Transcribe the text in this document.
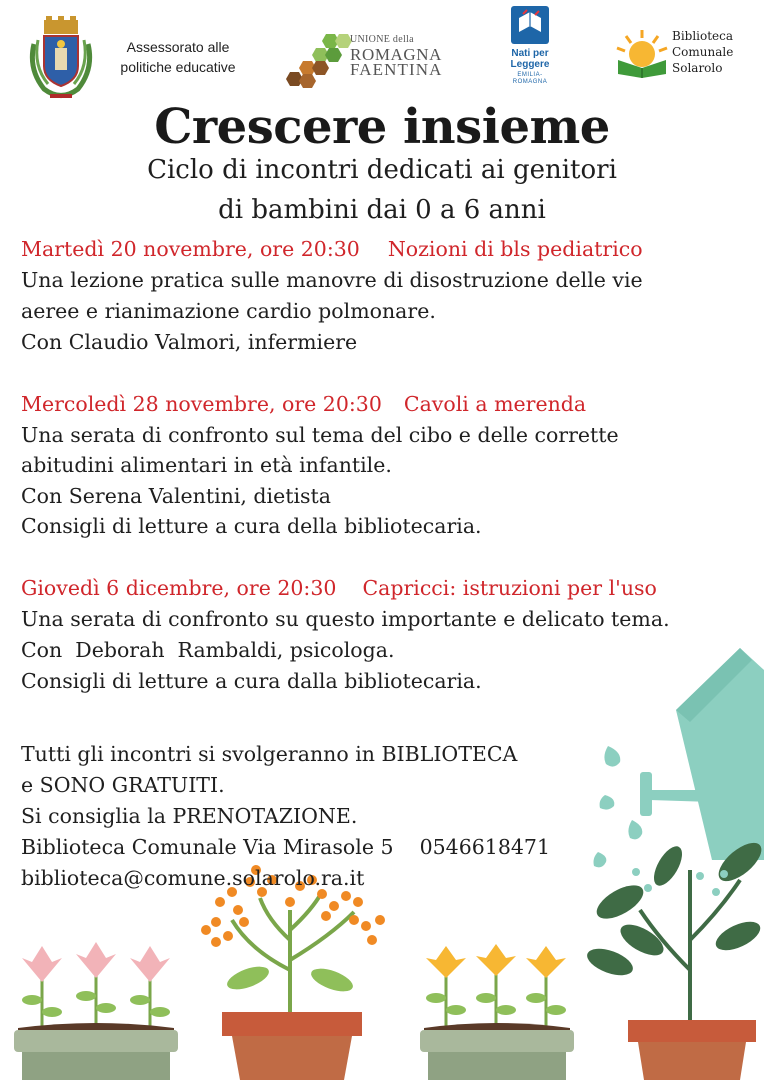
Assessorato alle
politiche educative
UNIONE della
ROMAGNA
FAENTINA
Nati per
Leggere
EMILIA-
ROMAGNA
Biblioteca
Comunale
Solarolo
Crescere insieme
Ciclo di incontri dedicati ai genitori
di bambini dai 0 a 6 anni
Martedì 20 novembre, ore 20:30 Nozioni di bls pediatrico
Una lezione pratica sulle manovre di disostruzione delle vie
aeree e rianimazione cardio polmonare.
Con Claudio Valmori, infermiere
Mercoledì 28 novembre, ore 20:30 Cavoli a merenda
Una serata di confronto sul tema del cibo e delle corrette
abitudini alimentari in età infantile.
Con Serena Valentini, dietista
Consigli di letture a cura della bibliotecaria.
Giovedì 6 dicembre, ore 20:30 Capricci: istruzioni per l'uso
Una serata di confronto su questo importante e delicato tema.
Con  Deborah  Rambaldi, psicologa.
Consigli di letture a cura dalla bibliotecaria.
Tutti gli incontri si svolgeranno in BIBLIOTECA
e SONO GRATUITI.
Si consiglia la PRENOTAZIONE.
Biblioteca Comunale Via Mirasole 5    0546618471
biblioteca@comune.solarolo.ra.it
